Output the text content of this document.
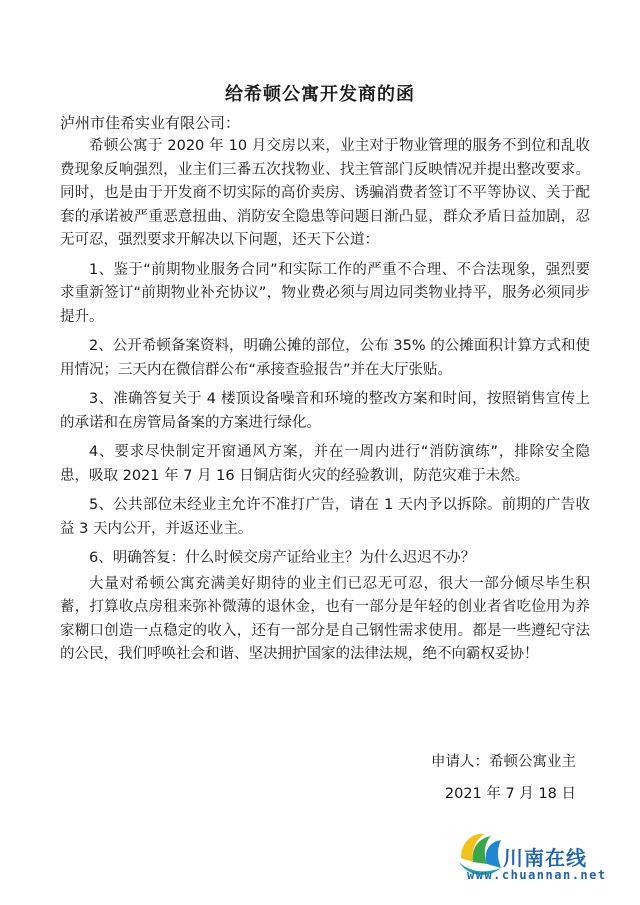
给希顿公寓开发商的函
泸州市佳希实业有限公司：

希顿公寓于 2020 年 10 月交房以来，业主对于物业管理的服务不到位和乱收费现象反响强烈，业主们三番五次找物业、找主管部门反映情况并提出整改要求。同时，也是由于开发商不切实际的高价卖房、诱骗消费者签订不平等协议、关于配套的承诺被严重恶意扭曲、消防安全隐患等问题日渐凸显，群众矛盾日益加剧，忍无可忍，强烈要求开解决以下问题，还天下公道：

1、鉴于“前期物业服务合同”和实际工作的严重不合理、不合法现象，强烈要求重新签订“前期物业补充协议”，物业费必须与周边同类物业持平，服务必须同步提升。

2、公开希顿备案资料，明确公摊的部位，公布 35% 的公摊面积计算方式和使用情况；三天内在微信群公布“承接查验报告”并在大厅张贴。

3、准确答复关于 4 楼顶设备噪音和环境的整改方案和时间，按照销售宣传上的承诺和在房管局备案的方案进行绿化。

4、要求尽快制定开窗通风方案，并在一周内进行“消防演练”，排除安全隐患，吸取 2021 年 7 月 16 日铜店街火灾的经验教训，防范灾难于未然。

5、公共部位未经业主允许不准打广告，请在 1 天内予以拆除。前期的广告收益 3 天内公开，并返还业主。

6、明确答复：什么时候交房产证给业主？为什么迟迟不办？

大量对希顿公寓充满美好期待的业主们已忍无可忍，很大一部分倾尽毕生积蓄，打算收点房租来弥补微薄的退休金，也有一部分是年轻的创业者省吃俭用为养家糊口创造一点稳定的收入，还有一部分是自己钢性需求使用。都是一些遵纪守法的公民，我们呼唤社会和谐、坚决拥护国家的法律法规，绝不向霸权妥协！

申请人：希顿公寓业主
2021 年 7 月 18 日
川南在线
www.chuannan.net
